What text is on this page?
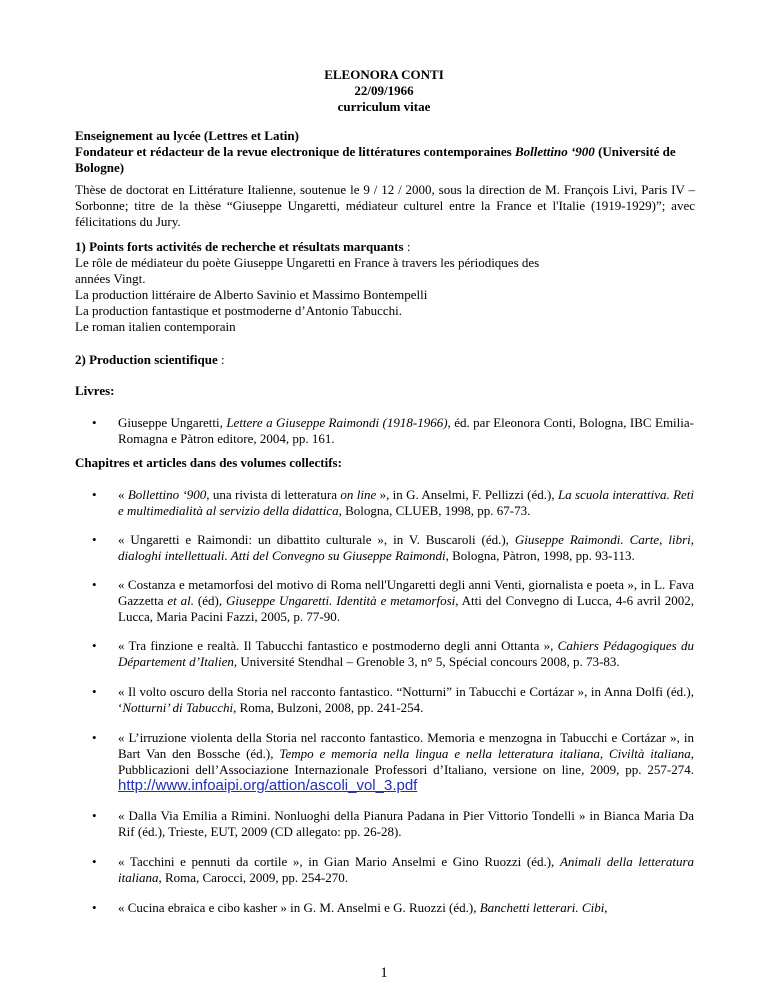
ELEONORA CONTI
22/09/1966
curriculum vitae
Enseignement au lycée (Lettres et Latin)
Fondateur et rédacteur de la revue electronique de littératures contemporaines Bollettino ‘900 (Université de Bologne)
Thèse de doctorat en Littérature Italienne, soutenue le 9 / 12 / 2000, sous la direction de M. François Livi, Paris IV – Sorbonne; titre de la thèse “Giuseppe Ungaretti, médiateur culturel entre la France et l'Italie (1919-1929)”; avec félicitations du Jury.
1) Points forts activités de recherche et résultats marquants :
Le rôle de médiateur du poète Giuseppe Ungaretti en France à travers les périodiques des
années Vingt.
La production littéraire de Alberto Savinio et Massimo Bontempelli
La production fantastique et postmoderne d’Antonio Tabucchi.
Le roman italien contemporain
2) Production scientifique :
Livres:
• Giuseppe Ungaretti, Lettere a Giuseppe Raimondi (1918-1966), éd. par Eleonora Conti, Bologna, IBC Emilia-Romagna e Pàtron editore, 2004, pp. 161.
Chapitres et articles dans des volumes collectifs:
• « Bollettino ‘900, una rivista di letteratura on line », in G. Anselmi, F. Pellizzi (éd.), La scuola interattiva. Reti e multimedialità al servizio della didattica, Bologna, CLUEB, 1998, pp. 67-73.
• « Ungaretti e Raimondi: un dibattito culturale », in V. Buscaroli (éd.), Giuseppe Raimondi. Carte, libri, dialoghi intellettuali. Atti del Convegno su Giuseppe Raimondi, Bologna, Pàtron, 1998, pp. 93-113.
• « Costanza e metamorfosi del motivo di Roma nell'Ungaretti degli anni Venti, giornalista e poeta », in L. Fava Gazzetta et al. (éd), Giuseppe Ungaretti. Identità e metamorfosi, Atti del Convegno di Lucca, 4-6 avril 2002, Lucca, Maria Pacini Fazzi, 2005, p. 77-90.
• « Tra finzione e realtà. Il Tabucchi fantastico e postmoderno degli anni Ottanta », Cahiers Pédagogiques du Département d’Italien, Université Stendhal – Grenoble 3, n° 5, Spécial concours 2008, p. 73-83.
• « Il volto oscuro della Storia nel racconto fantastico. “Notturni” in Tabucchi e Cortázar », in Anna Dolfi (éd.), ‘Notturni’ di Tabucchi, Roma, Bulzoni, 2008, pp. 241-254.
• « L’irruzione violenta della Storia nel racconto fantastico. Memoria e menzogna in Tabucchi e Cortázar », in Bart Van den Bossche (éd.), Tempo e memoria nella lingua e nella letteratura italiana, Civiltà italiana, Pubblicazioni dell’Associazione Internazionale Professori d’Italiano, versione on line, 2009, pp. 257-274. http://www.infoaipi.org/attion/ascoli_vol_3.pdf
• « Dalla Via Emilia a Rimini. Nonluoghi della Pianura Padana in Pier Vittorio Tondelli » in Bianca Maria Da Rif (éd.), Trieste, EUT, 2009 (CD allegato: pp. 26-28).
• « Tacchini e pennuti da cortile », in Gian Mario Anselmi e Gino Ruozzi (éd.), Animali della letteratura italiana, Roma, Carocci, 2009, pp. 254-270.
• « Cucina ebraica e cibo kasher » in G. M. Anselmi e G. Ruozzi (éd.), Banchetti letterari. Cibi,
1
